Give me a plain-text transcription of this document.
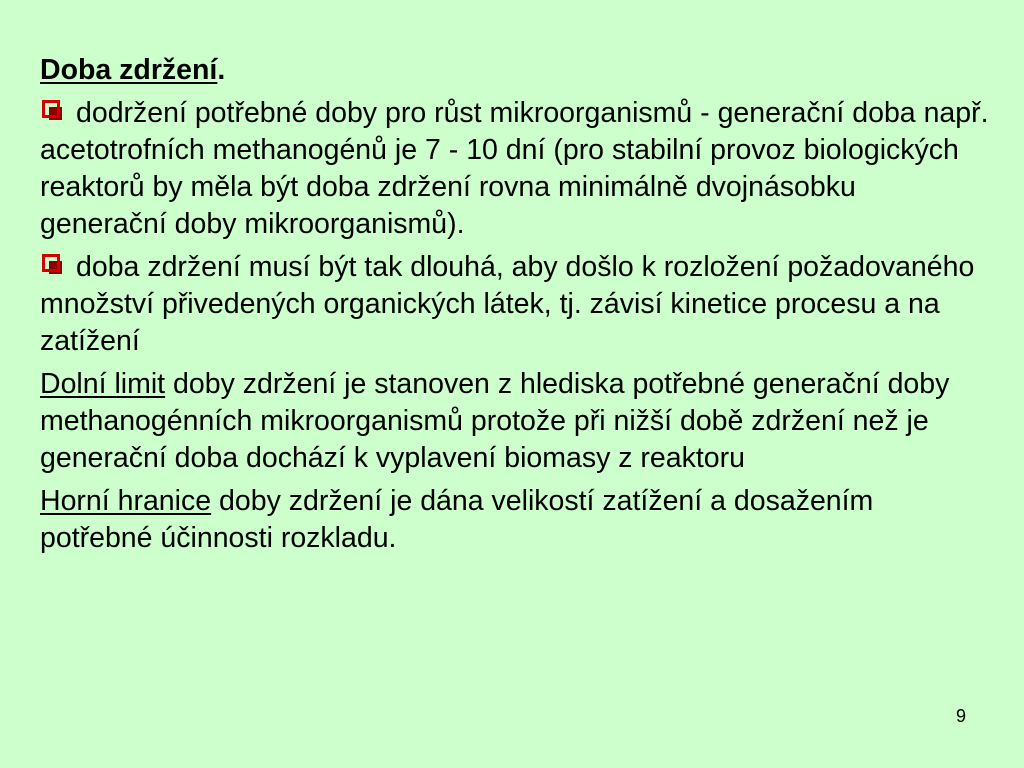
Doba zdržení.
dodržení potřebné doby pro růst mikroorganismů - generační doba např. acetotrofních methanogénů je 7 - 10 dní (pro stabilní provoz biologických reaktorů by měla být doba zdržení rovna minimálně dvojnásobku generační doby mikroorganismů).
doba zdržení musí být tak dlouhá, aby došlo k rozložení požadovaného množství přivedených organických látek, tj. závisí kinetice procesu a na zatížení
Dolní limit doby zdržení je stanoven z hlediska potřebné generační doby methanogénních mikroorganismů protože při nižší době zdržení než je generační doba dochází k vyplavení biomasy z reaktoru
Horní hranice doby zdržení je dána velikostí zatížení a dosažením potřebné účinnosti rozkladu.
9
